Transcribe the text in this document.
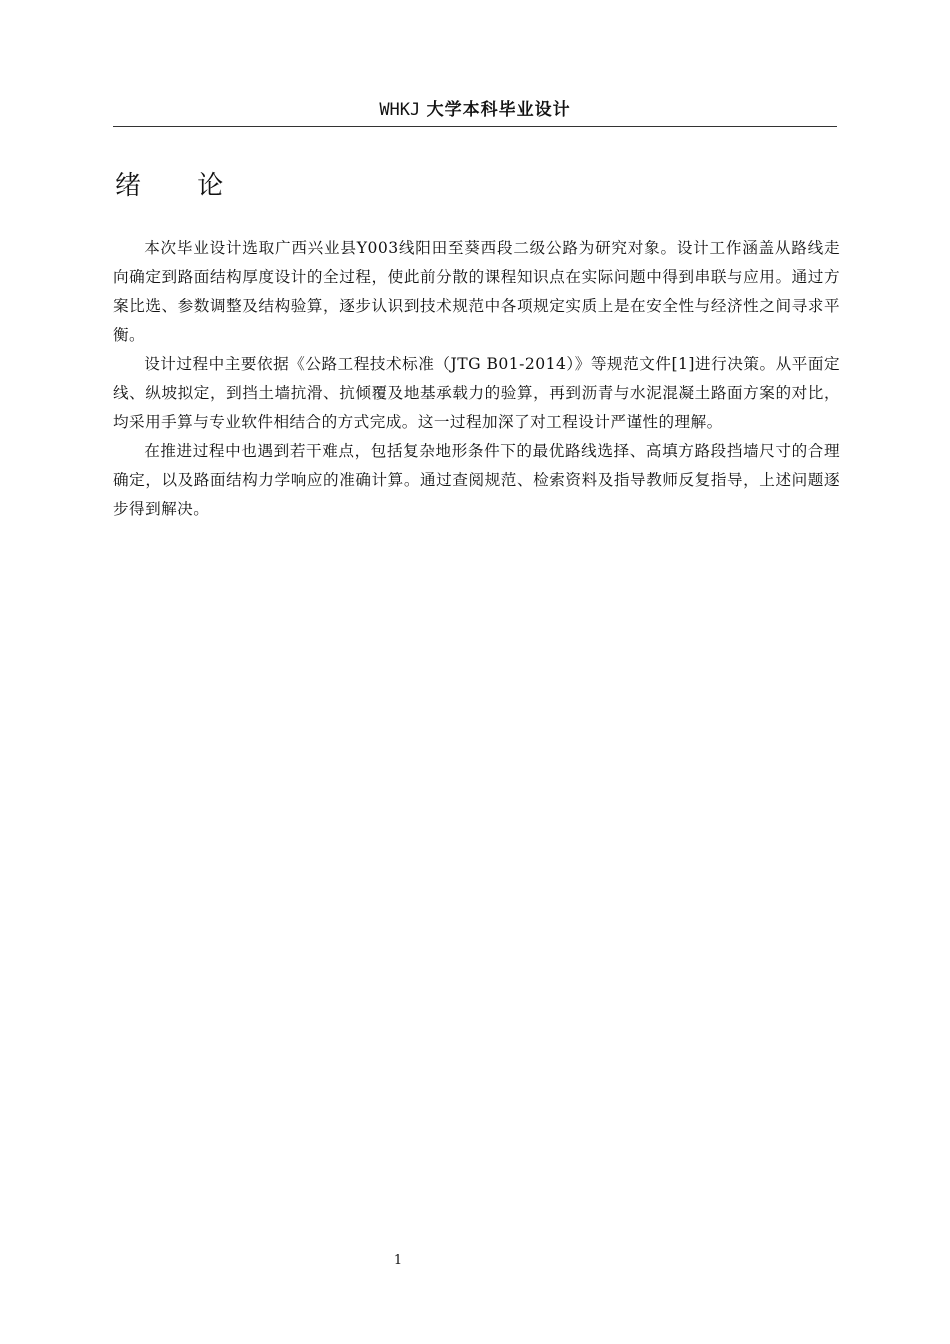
WHKJ 大学本科毕业设计
绪 论

本次毕业设计选取广西兴业县Y003线阳田至葵西段二级公路为研究对象。设计工作涵盖从路线走向确定到路面结构厚度设计的全过程，使此前分散的课程知识点在实际问题中得到串联与应用。通过方案比选、参数调整及结构验算，逐步认识到技术规范中各项规定实质上是在安全性与经济性之间寻求平衡。

设计过程中主要依据《公路工程技术标准（JTG B01-2014）》等规范文件[1]进行决策。从平面定线、纵坡拟定，到挡土墙抗滑、抗倾覆及地基承载力的验算，再到沥青与水泥混凝土路面方案的对比，均采用手算与专业软件相结合的方式完成。这一过程加深了对工程设计严谨性的理解。

在推进过程中也遇到若干难点，包括复杂地形条件下的最优路线选择、高填方路段挡墙尺寸的合理确定，以及路面结构力学响应的准确计算。通过查阅规范、检索资料及指导教师反复指导，上述问题逐步得到解决。

1
